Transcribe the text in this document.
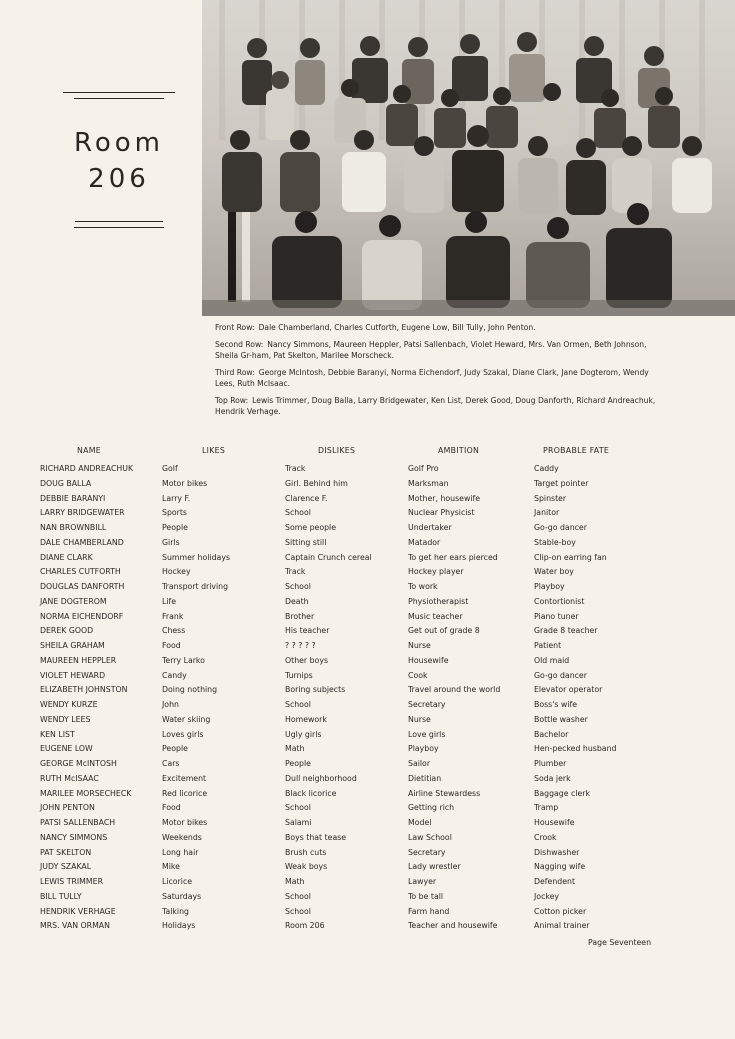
Room
206
Front Row: Dale Chamberland, Charles Cutforth, Eugene Low, Bill Tully, John Penton.
Second Row: Nancy Simmons, Maureen Heppler, Patsi Sallenbach, Violet Heward, Mrs. Van Ormen, Beth Johnson, Sheila Gr-ham, Pat Skelton, Marilee Morscheck.
Third Row: George McIntosh, Debbie Baranyi, Norma Eichendorf, Judy Szakal, Diane Clark, Jane Dogterom, Wendy Lees, Ruth McIsaac.
Top Row: Lewis Trimmer, Doug Balla, Larry Bridgewater, Ken List, Derek Good, Doug Danforth, Richard Andreachuk, Hendrik Verhage.
NAME	LIKES	DISLIKES	AMBITION	PROBABLE FATE
RICHARD ANDREACHUK	Golf	Track	Golf Pro	Caddy
DOUG BALLA	Motor bikes	Girl. Behind him	Marksman	Target pointer
DEBBIE BARANYI	Larry F.	Clarence F.	Mother, housewife	Spinster
LARRY BRIDGEWATER	Sports	School	Nuclear Physicist	Janitor
NAN BROWNBILL	People	Some people	Undertaker	Go-go dancer
DALE CHAMBERLAND	Girls	Sitting still	Matador	Stable-boy
DIANE CLARK	Summer holidays	Captain Crunch cereal	To get her ears pierced	Clip-on earring fan
CHARLES CUTFORTH	Hockey	Track	Hockey player	Water boy
DOUGLAS DANFORTH	Transport driving	School	To work	Playboy
JANE DOGTEROM	Life	Death	Physiotherapist	Contortionist
NORMA EICHENDORF	Frank	Brother	Music teacher	Piano tuner
DEREK GOOD	Chess	His teacher	Get out of grade 8	Grade 8 teacher
SHEILA GRAHAM	Food	? ? ? ? ?	Nurse	Patient
MAUREEN HEPPLER	Terry Larko	Other boys	Housewife	Old maid
VIOLET HEWARD	Candy	Turnips	Cook	Go-go dancer
ELIZABETH JOHNSTON	Doing nothing	Boring subjects	Travel around the world	Elevator operator
WENDY KURZE	John	School	Secretary	Boss's wife
WENDY LEES	Water skiing	Homework	Nurse	Bottle washer
KEN LIST	Loves girls	Ugly girls	Love girls	Bachelor
EUGENE LOW	People	Math	Playboy	Hen-pecked husband
GEORGE McINTOSH	Cars	People	Sailor	Plumber
RUTH McISAAC	Excitement	Dull neighborhood	Dietitian	Soda jerk
MARILEE MORSECHECK	Red licorice	Black licorice	Airline Stewardess	Baggage clerk
JOHN PENTON	Food	School	Getting rich	Tramp
PATSI SALLENBACH	Motor bikes	Salami	Model	Housewife
NANCY SIMMONS	Weekends	Boys that tease	Law School	Crook
PAT SKELTON	Long hair	Brush cuts	Secretary	Dishwasher
JUDY SZAKAL	Mike	Weak boys	Lady wrestler	Nagging wife
LEWIS TRIMMER	Licorice	Math	Lawyer	Defendent
BILL TULLY	Saturdays	School	To be tall	Jockey
HENDRIK VERHAGE	Talking	School	Farm hand	Cotton picker
MRS. VAN ORMAN	Holidays	Room 206	Teacher and housewife	Animal trainer
Page Seventeen
